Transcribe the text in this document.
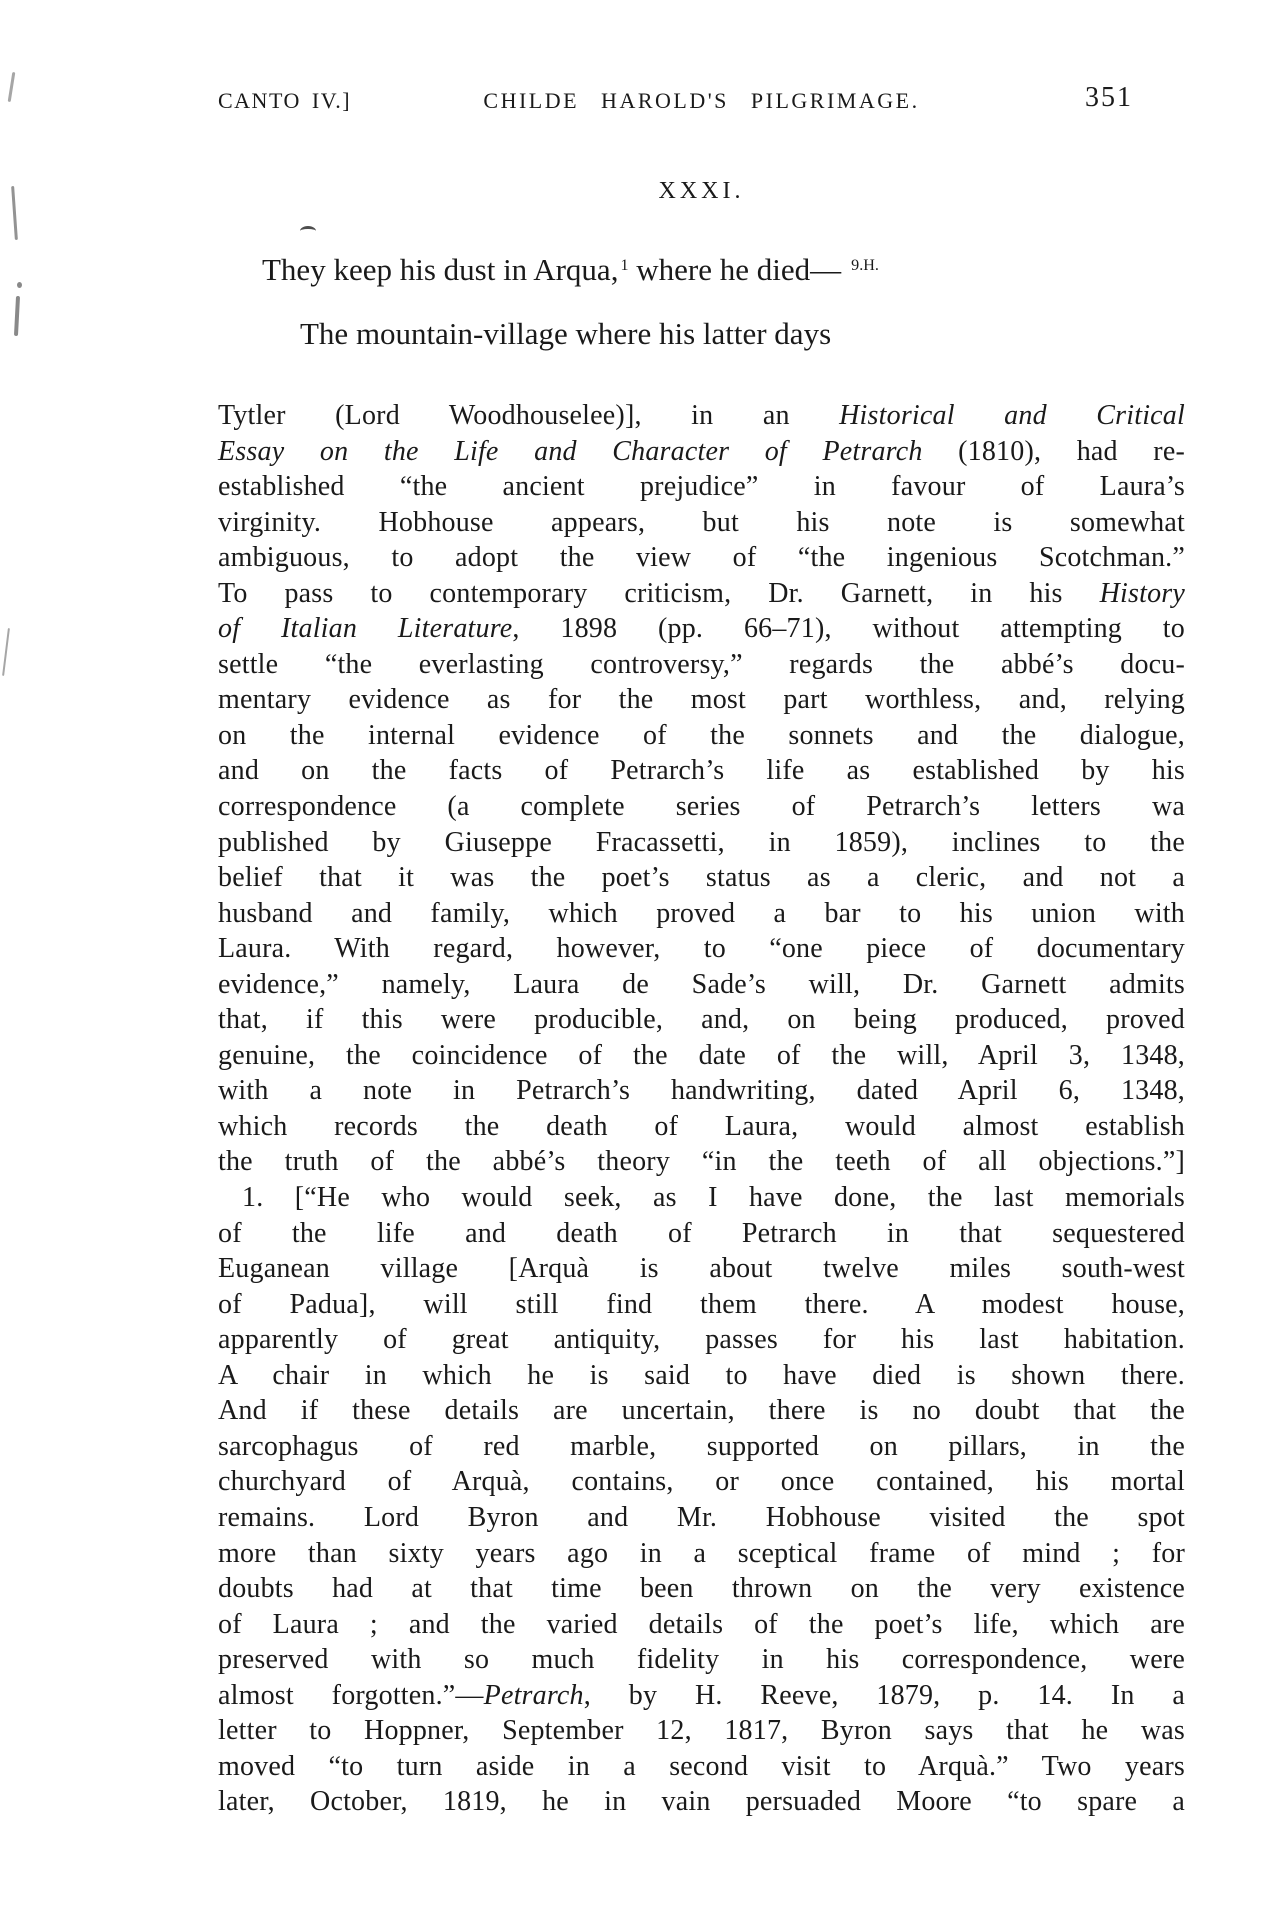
CANTO IV.]	CHILDE HAROLD'S PILGRIMAGE.	351
XXXI.
They keep his dust in Arqua, $^1$ where he died— $^{9.H.}$
The mountain-village where his latter days
Tytler (Lord Woodhouselee)], in an Historical and Critical
Essay on the Life and Character of Petrarch (1810), had re-
established “the ancient prejudice” in favour of Laura’s
virginity. Hobhouse appears, but his note is somewhat
ambiguous, to adopt the view of “the ingenious Scotchman.”
To pass to contemporary criticism, Dr. Garnett, in his History
of Italian Literature, 1898 (pp. 66–71), without attempting to
settle “the everlasting controversy,” regards the abbé’s docu-
mentary evidence as for the most part worthless, and, relying
on the internal evidence of the sonnets and the dialogue,
and on the facts of Petrarch’s life as established by his
correspondence (a complete series of Petrarch’s letters wa
published by Giuseppe Fracassetti, in 1859), inclines to the
belief that it was the poet’s status as a cleric, and not a
husband and family, which proved a bar to his union with
Laura. With regard, however, to “one piece of documentary
evidence,” namely, Laura de Sade’s will, Dr. Garnett admits
that, if this were producible, and, on being produced, proved
genuine, the coincidence of the date of the will, April 3, 1348,
with a note in Petrarch’s handwriting, dated April 6, 1348,
which records the death of Laura, would almost establish
the truth of the abbé’s theory “in the teeth of all objections.”]
1. [“He who would seek, as I have done, the last memorials
of the life and death of Petrarch in that sequestered
Euganean village [Arquà is about twelve miles south-west
of Padua], will still find them there. A modest house,
apparently of great antiquity, passes for his last habitation.
A chair in which he is said to have died is shown there.
And if these details are uncertain, there is no doubt that the
sarcophagus of red marble, supported on pillars, in the
churchyard of Arquà, contains, or once contained, his mortal
remains. Lord Byron and Mr. Hobhouse visited the spot
more than sixty years ago in a sceptical frame of mind ; for
doubts had at that time been thrown on the very existence
of Laura ; and the varied details of the poet’s life, which are
preserved with so much fidelity in his correspondence, were
almost forgotten.”—Petrarch, by H. Reeve, 1879, p. 14. In a
letter to Hoppner, September 12, 1817, Byron says that he was
moved “to turn aside in a second visit to Arquà.” Two years
later, October, 1819, he in vain persuaded Moore “to spare a
